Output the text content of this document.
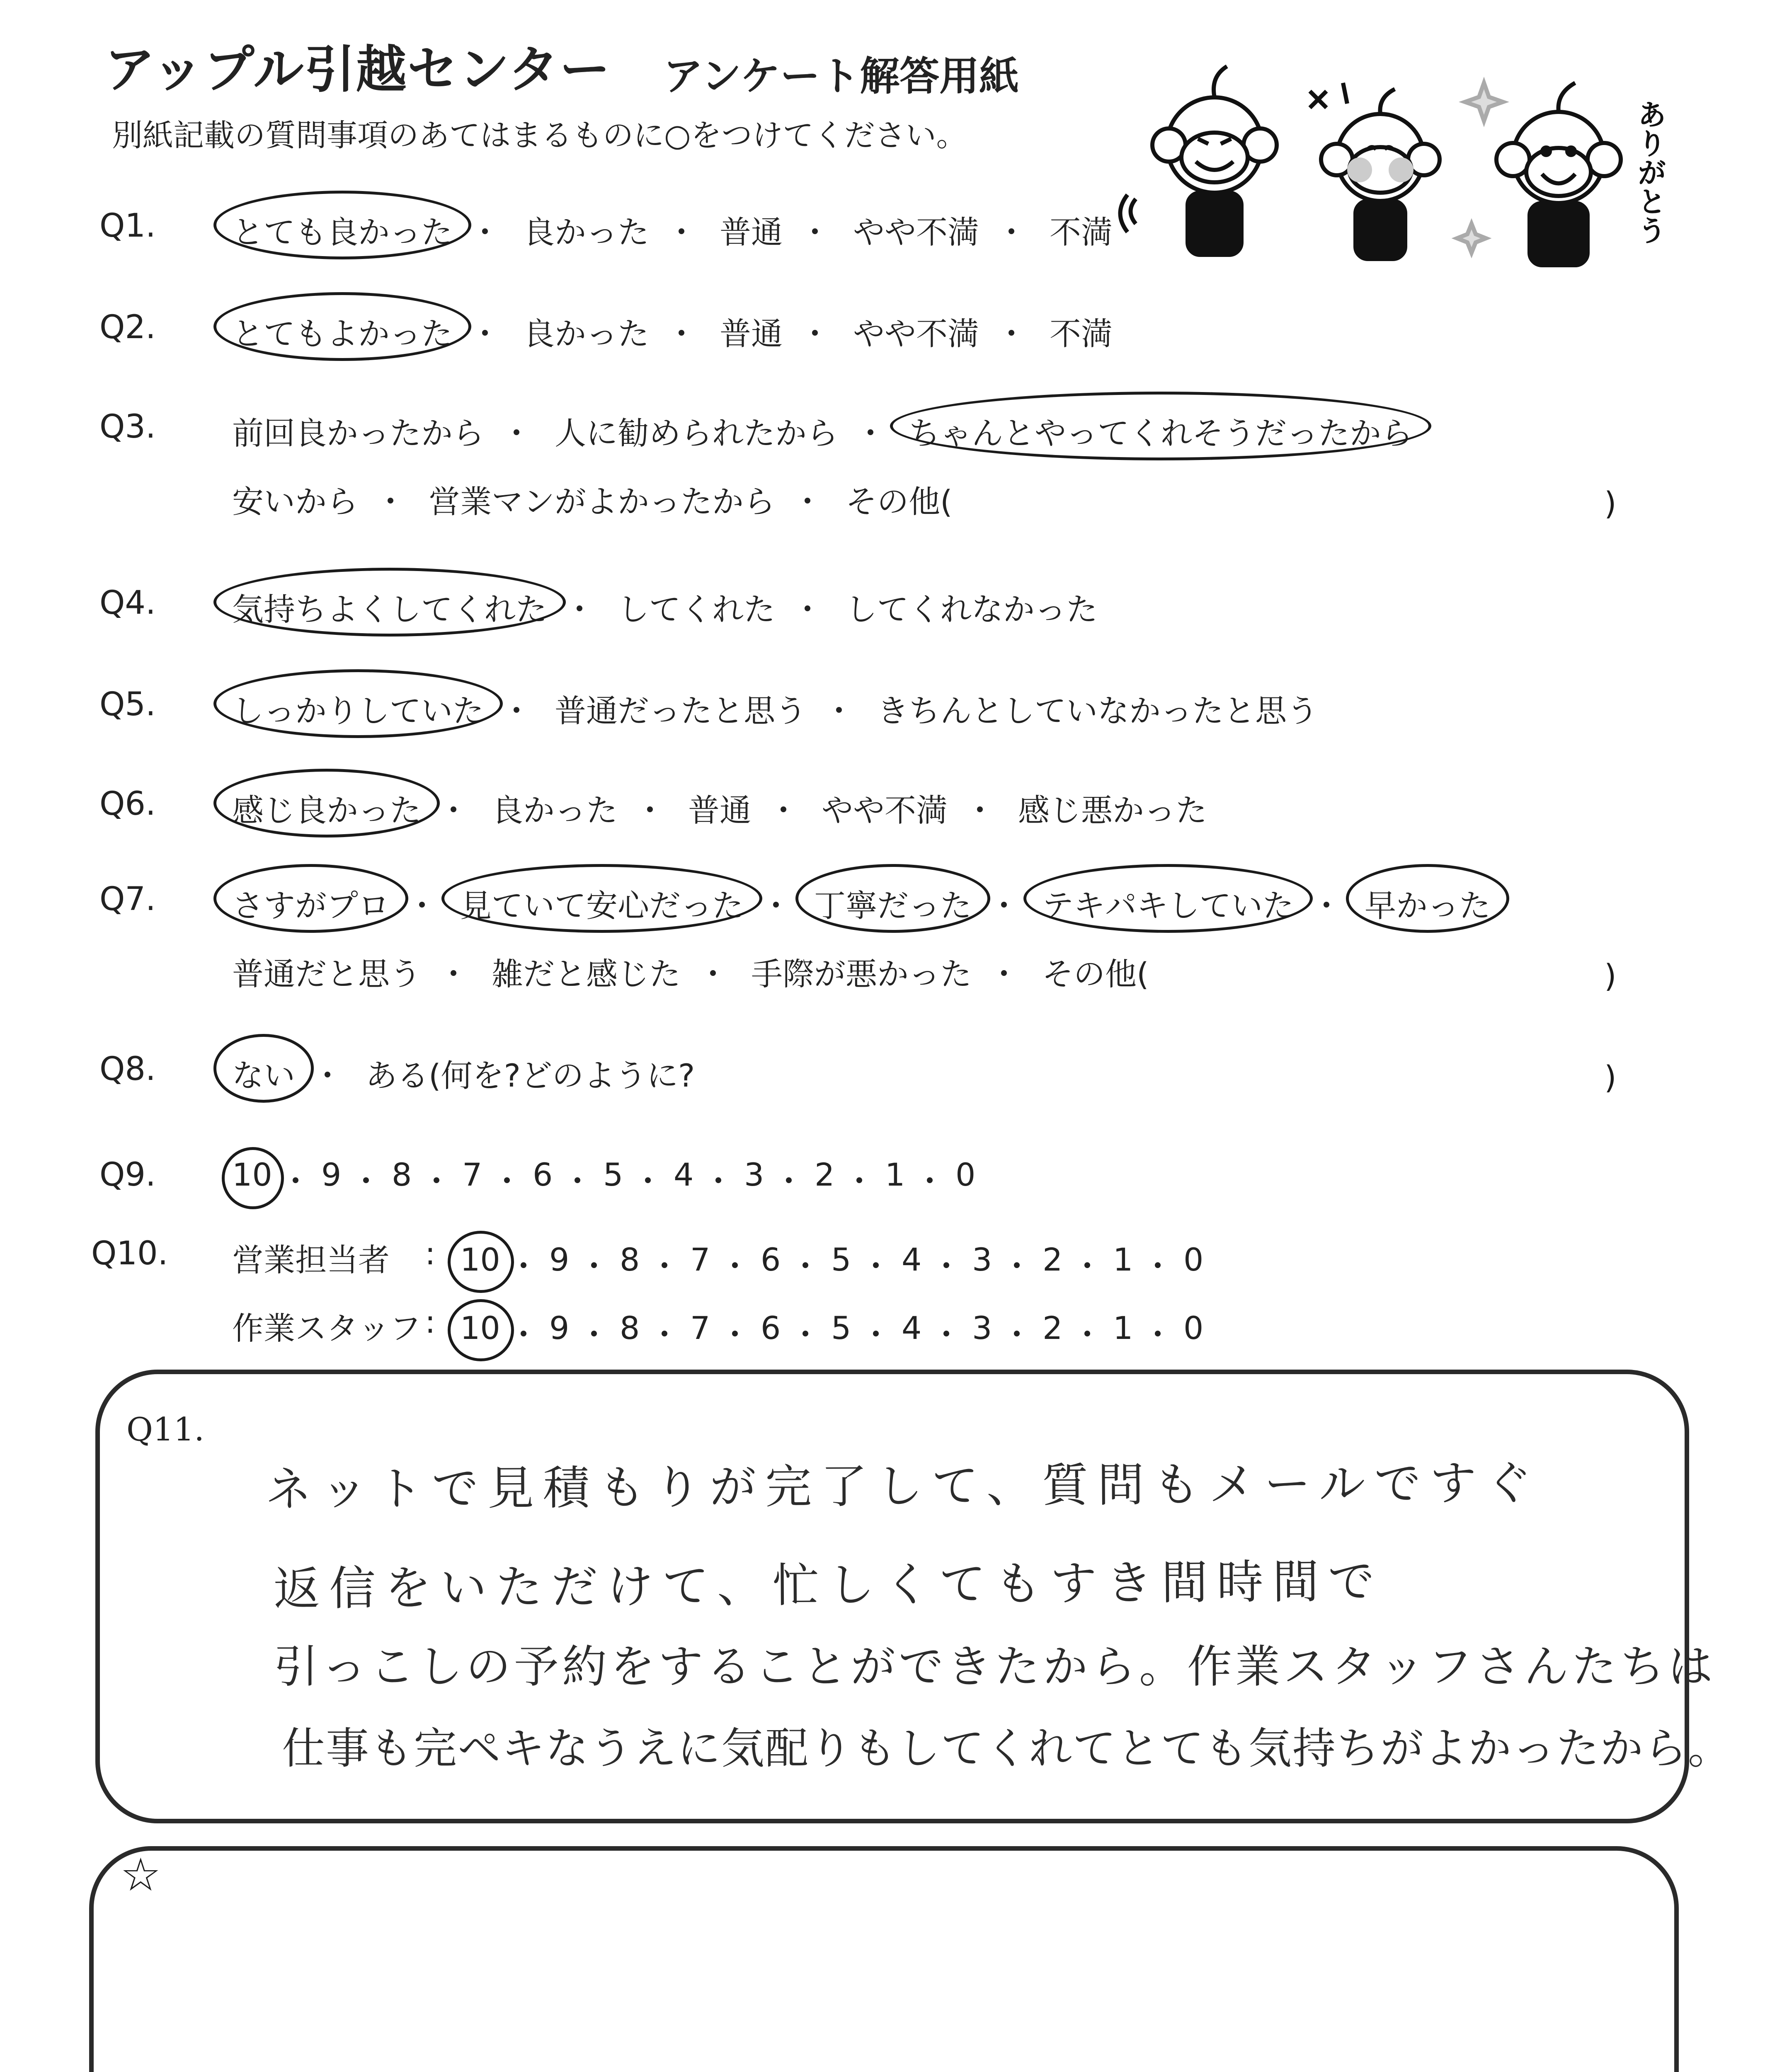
アップル引越センター アンケート解答用紙
別紙記載の質問事項のあてはまるものに○をつけてください。	ありがとう
Q1. とても良かった ・ 良かった ・ 普通 ・ やや不満 ・ 不満
Q2. とてもよかった ・ 良かった ・ 普通 ・ やや不満 ・ 不満
Q3. 前回良かったから ・ 人に勧められたから ・ ちゃんとやってくれそうだったから
安いから ・ 営業マンがよかったから ・ その他(	)
Q4. 気持ちよくしてくれた ・ してくれた ・ してくれなかった
Q5. しっかりしていた ・ 普通だったと思う ・ きちんとしていなかったと思う
Q6. 感じ良かった ・ 良かった ・ 普通 ・ やや不満 ・ 感じ悪かった
Q7. さすがプロ ・ 見ていて安心だった ・ 丁寧だった ・ テキパキしていた ・ 早かった
普通だと思う ・ 雑だと感じた ・ 手際が悪かった ・ その他(	)
Q8. ない ・ ある(何を?どのように?	)
Q9. 10 ・ 9 ・ 8 ・ 7 ・ 6 ・ 5 ・ 4 ・ 3 ・ 2 ・ 1 ・ 0
Q10. 営業担当者 : 10 ・ 9 ・ 8 ・ 7 ・ 6 ・ 5 ・ 4 ・ 3 ・ 2 ・ 1 ・ 0
作業スタッフ : 10 ・ 9 ・ 8 ・ 7 ・ 6 ・ 5 ・ 4 ・ 3 ・ 2 ・ 1 ・ 0
Q11.
ネットで見積もりが完了して、質問もメールですぐ
返信をいただけて、忙しくてもすき間時間で
引っこしの予約をすることができたから。作業スタッフさんたちは
仕事も完ペキなうえに気配りもしてくれてとても気持ちがよかったから。
☆
